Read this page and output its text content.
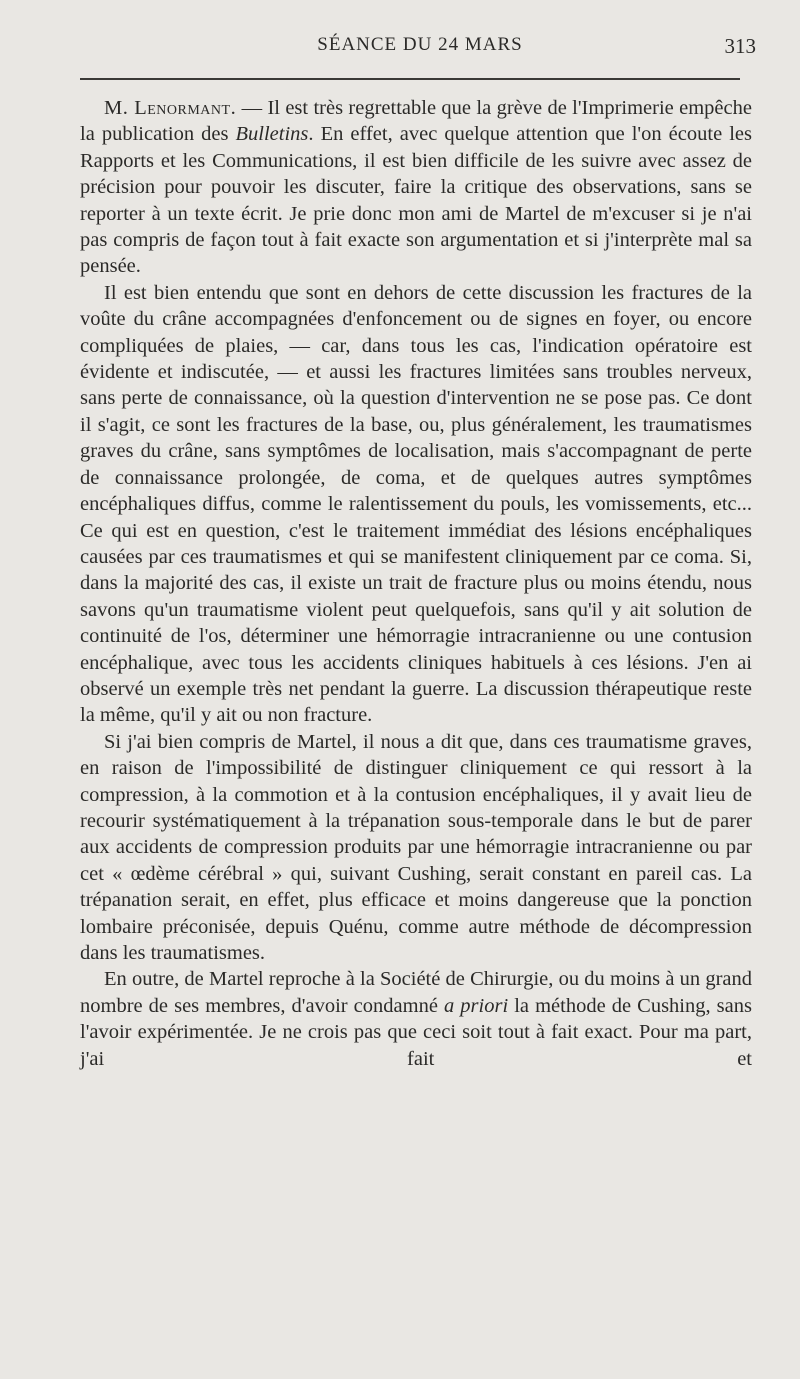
SÉANCE DU 24 MARS	313

M. Lenormant. — Il est très regrettable que la grève de l'Imprimerie empêche la publication des Bulletins. En effet, avec quelque attention que l'on écoute les Rapports et les Communications, il est bien difficile de les suivre avec assez de précision pour pouvoir les discuter, faire la critique des observations, sans se reporter à un texte écrit. Je prie donc mon ami de Martel de m'excuser si je n'ai pas compris de façon tout à fait exacte son argumentation et si j'interprète mal sa pensée.

Il est bien entendu que sont en dehors de cette discussion les fractures de la voûte du crâne accompagnées d'enfoncement ou de signes en foyer, ou encore compliquées de plaies, — car, dans tous les cas, l'indication opératoire est évidente et indiscutée, — et aussi les fractures limitées sans troubles nerveux, sans perte de connaissance, où la question d'intervention ne se pose pas. Ce dont il s'agit, ce sont les fractures de la base, ou, plus généralement, les traumatismes graves du crâne, sans symptômes de localisation, mais s'accompagnant de perte de connaissance prolongée, de coma, et de quelques autres symptômes encéphaliques diffus, comme le ralentissement du pouls, les vomissements, etc... Ce qui est en question, c'est le traitement immédiat des lésions encéphaliques causées par ces traumatismes et qui se manifestent cliniquement par ce coma. Si, dans la majorité des cas, il existe un trait de fracture plus ou moins étendu, nous savons qu'un traumatisme violent peut quelquefois, sans qu'il y ait solution de continuité de l'os, déterminer une hémorragie intracranienne ou une contusion encéphalique, avec tous les accidents cliniques habituels à ces lésions. J'en ai observé un exemple très net pendant la guerre. La discussion thérapeutique reste la même, qu'il y ait ou non fracture.

Si j'ai bien compris de Martel, il nous a dit que, dans ces traumatisme graves, en raison de l'impossibilité de distinguer cliniquement ce qui ressort à la compression, à la commotion et à la contusion encéphaliques, il y avait lieu de recourir systématiquement à la trépanation sous-temporale dans le but de parer aux accidents de compression produits par une hémorragie intracranienne ou par cet « œdème cérébral » qui, suivant Cushing, serait constant en pareil cas. La trépanation serait, en effet, plus efficace et moins dangereuse que la ponction lombaire préconisée, depuis Quénu, comme autre méthode de décompression dans les traumatismes.

En outre, de Martel reproche à la Société de Chirurgie, ou du moins à un grand nombre de ses membres, d'avoir condamné a priori la méthode de Cushing, sans l'avoir expérimentée. Je ne crois pas que ceci soit tout à fait exact. Pour ma part, j'ai fait et
